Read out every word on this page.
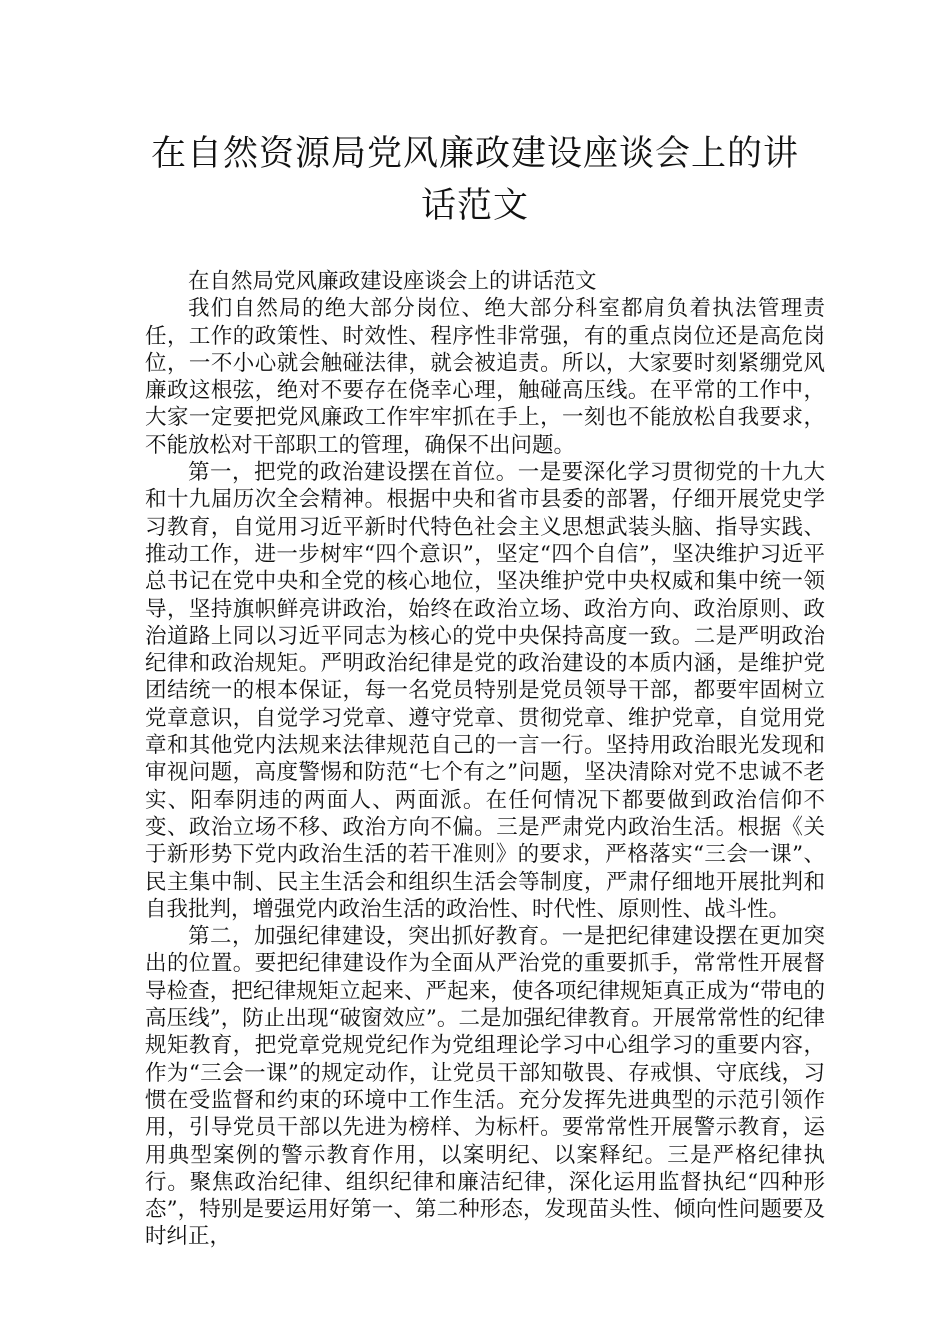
在自然资源局党风廉政建设座谈会上的讲
话范文

在自然局党风廉政建设座谈会上的讲话范文

我们自然局的绝大部分岗位、绝大部分科室都肩负着执法管理责任，工作的政策性、时效性、程序性非常强，有的重点岗位还是高危岗位，一不小心就会触碰法律，就会被追责。所以，大家要时刻紧绷党风廉政这根弦，绝对不要存在侥幸心理，触碰高压线。在平常的工作中，大家一定要把党风廉政工作牢牢抓在手上，一刻也不能放松自我要求，不能放松对干部职工的管理，确保不出问题。

第一，把党的政治建设摆在首位。一是要深化学习贯彻党的十九大和十九届历次全会精神。根据中央和省市县委的部署，仔细开展党史学习教育，自觉用习近平新时代特色社会主义思想武装头脑、指导实践、推动工作，进一步树牢“四个意识”，坚定“四个自信”，坚决维护习近平总书记在党中央和全党的核心地位，坚决维护党中央权威和集中统一领导，坚持旗帜鲜亮讲政治，始终在政治立场、政治方向、政治原则、政治道路上同以习近平同志为核心的党中央保持高度一致。二是严明政治纪律和政治规矩。严明政治纪律是党的政治建设的本质内涵，是维护党团结统一的根本保证，每一名党员特别是党员领导干部，都要牢固树立党章意识，自觉学习党章、遵守党章、贯彻党章、维护党章，自觉用党章和其他党内法规来法律规范自己的一言一行。坚持用政治眼光发现和审视问题，高度警惕和防范“七个有之”问题，坚决清除对党不忠诚不老实、阳奉阴违的两面人、两面派。在任何情况下都要做到政治信仰不变、政治立场不移、政治方向不偏。三是严肃党内政治生活。根据《关于新形势下党内政治生活的若干准则》的要求，严格落实“三会一课”、民主集中制、民主生活会和组织生活会等制度，严肃仔细地开展批判和自我批判，增强党内政治生活的政治性、时代性、原则性、战斗性。

第二，加强纪律建设，突出抓好教育。一是把纪律建设摆在更加突出的位置。要把纪律建设作为全面从严治党的重要抓手，常常性开展督导检查，把纪律规矩立起来、严起来，使各项纪律规矩真正成为“带电的高压线”，防止出现“破窗效应”。二是加强纪律教育。开展常常性的纪律规矩教育，把党章党规党纪作为党组理论学习中心组学习的重要内容，作为“三会一课”的规定动作，让党员干部知敬畏、存戒惧、守底线，习惯在受监督和约束的环境中工作生活。充分发挥先进典型的示范引领作用，引导党员干部以先进为榜样、为标杆。要常常性开展警示教育，运用典型案例的警示教育作用，以案明纪、以案释纪。三是严格纪律执行。聚焦政治纪律、组织纪律和廉洁纪律，深化运用监督执纪“四种形态”，特别是要运用好第一、第二种形态，发现苗头性、倾向性问题要及时纠正，
